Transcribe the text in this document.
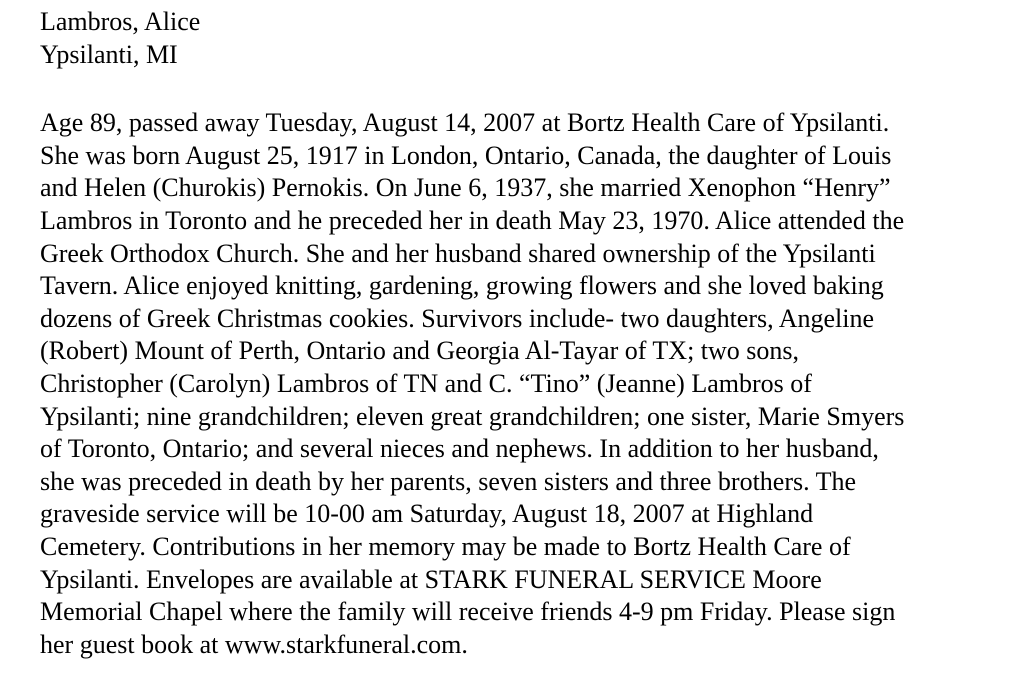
Lambros, Alice
Ypsilanti, MI
Age 89, passed away Tuesday, August 14, 2007 at Bortz Health Care of Ypsilanti.
She was born August 25, 1917 in London, Ontario, Canada, the daughter of Louis
and Helen (Churokis) Pernokis. On June 6, 1937, she married Xenophon “Henry”
Lambros in Toronto and he preceded her in death May 23, 1970. Alice attended the
Greek Orthodox Church. She and her husband shared ownership of the Ypsilanti
Tavern. Alice enjoyed knitting, gardening, growing flowers and she loved baking
dozens of Greek Christmas cookies. Survivors include- two daughters, Angeline
(Robert) Mount of Perth, Ontario and Georgia Al-Tayar of TX; two sons,
Christopher (Carolyn) Lambros of TN and C. “Tino” (Jeanne) Lambros of
Ypsilanti; nine grandchildren; eleven great grandchildren; one sister, Marie Smyers
of Toronto, Ontario; and several nieces and nephews. In addition to her husband,
she was preceded in death by her parents, seven sisters and three brothers. The
graveside service will be 10-00 am Saturday, August 18, 2007 at Highland
Cemetery. Contributions in her memory may be made to Bortz Health Care of
Ypsilanti. Envelopes are available at STARK FUNERAL SERVICE Moore
Memorial Chapel where the family will receive friends 4-9 pm Friday. Please sign
her guest book at www.starkfuneral.com.
